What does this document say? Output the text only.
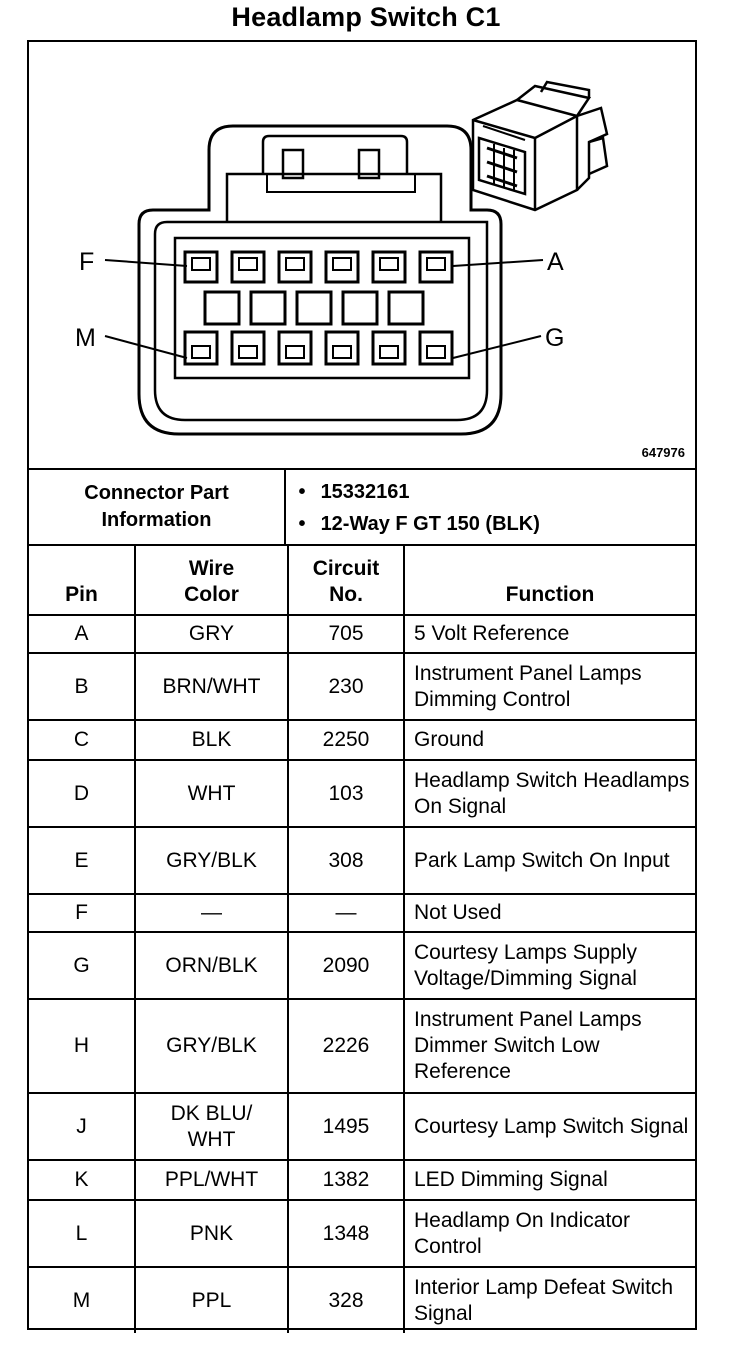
Headlamp Switch C1
F	A
M	G
647976
Connector Part Information
• 15332161
• 12-Way F GT 150 (BLK)
Pin	Wire Color	Circuit No.	Function
A	GRY	705	5 Volt Reference
B	BRN/WHT	230	Instrument Panel Lamps Dimming Control
C	BLK	2250	Ground
D	WHT	103	Headlamp Switch Headlamps On Signal
E	GRY/BLK	308	Park Lamp Switch On Input
F	—	—	Not Used
G	ORN/BLK	2090	Courtesy Lamps Supply Voltage/Dimming Signal
H	GRY/BLK	2226	Instrument Panel Lamps Dimmer Switch Low Reference
J	DK BLU/ WHT	1495	Courtesy Lamp Switch Signal
K	PPL/WHT	1382	LED Dimming Signal
L	PNK	1348	Headlamp On Indicator Control
M	PPL	328	Interior Lamp Defeat Switch Signal
